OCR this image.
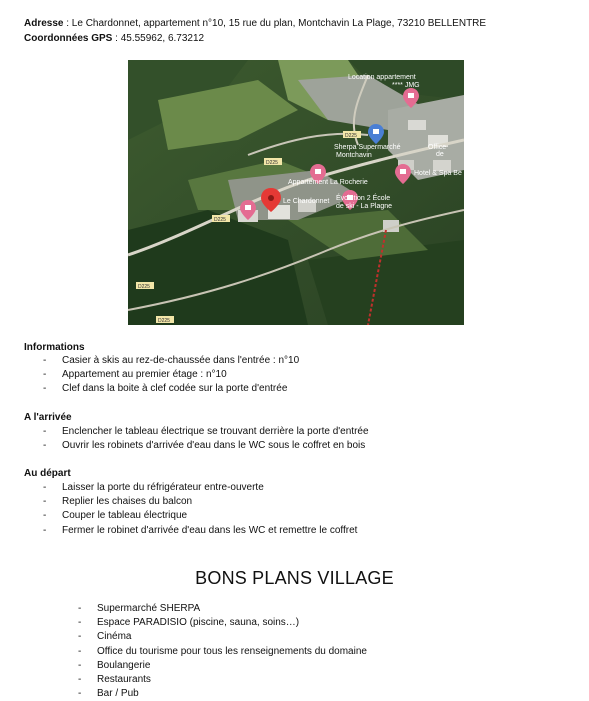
Adresse : Le Chardonnet, appartement n°10, 15 rue du plan, Montchavin La Plage, 73210 BELLENTRE
Coordonnées GPS : 45.55962, 6.73212
D225
D225
D225
D225
D225
Location appartement
**** JMG
Sherpa Supermarché
Montchavin
Office
de
Hotel & Spa Be
Appartement La Rocherie
Le Chardonnet Évolution 2 École
de ski - La Plagne
Informations
- Casier à skis au rez-de-chaussée dans l'entrée : n°10
- Appartement au premier étage : n°10
- Clef dans la boite à clef codée sur la porte d'entrée
A l'arrivée
- Enclencher le tableau électrique se trouvant derrière la porte d'entrée
- Ouvrir les robinets d'arrivée d'eau dans le WC sous le coffret en bois
Au départ
- Laisser la porte du réfrigérateur entre-ouverte
- Replier les chaises du balcon
- Couper le tableau électrique
- Fermer le robinet d'arrivée d'eau dans les WC et remettre le coffret
BONS PLANS VILLAGE
- Supermarché SHERPA
- Espace PARADISIO (piscine, sauna, soins…)
- Cinéma
- Office du tourisme pour tous les renseignements du domaine
- Boulangerie
- Restaurants
- Bar / Pub
